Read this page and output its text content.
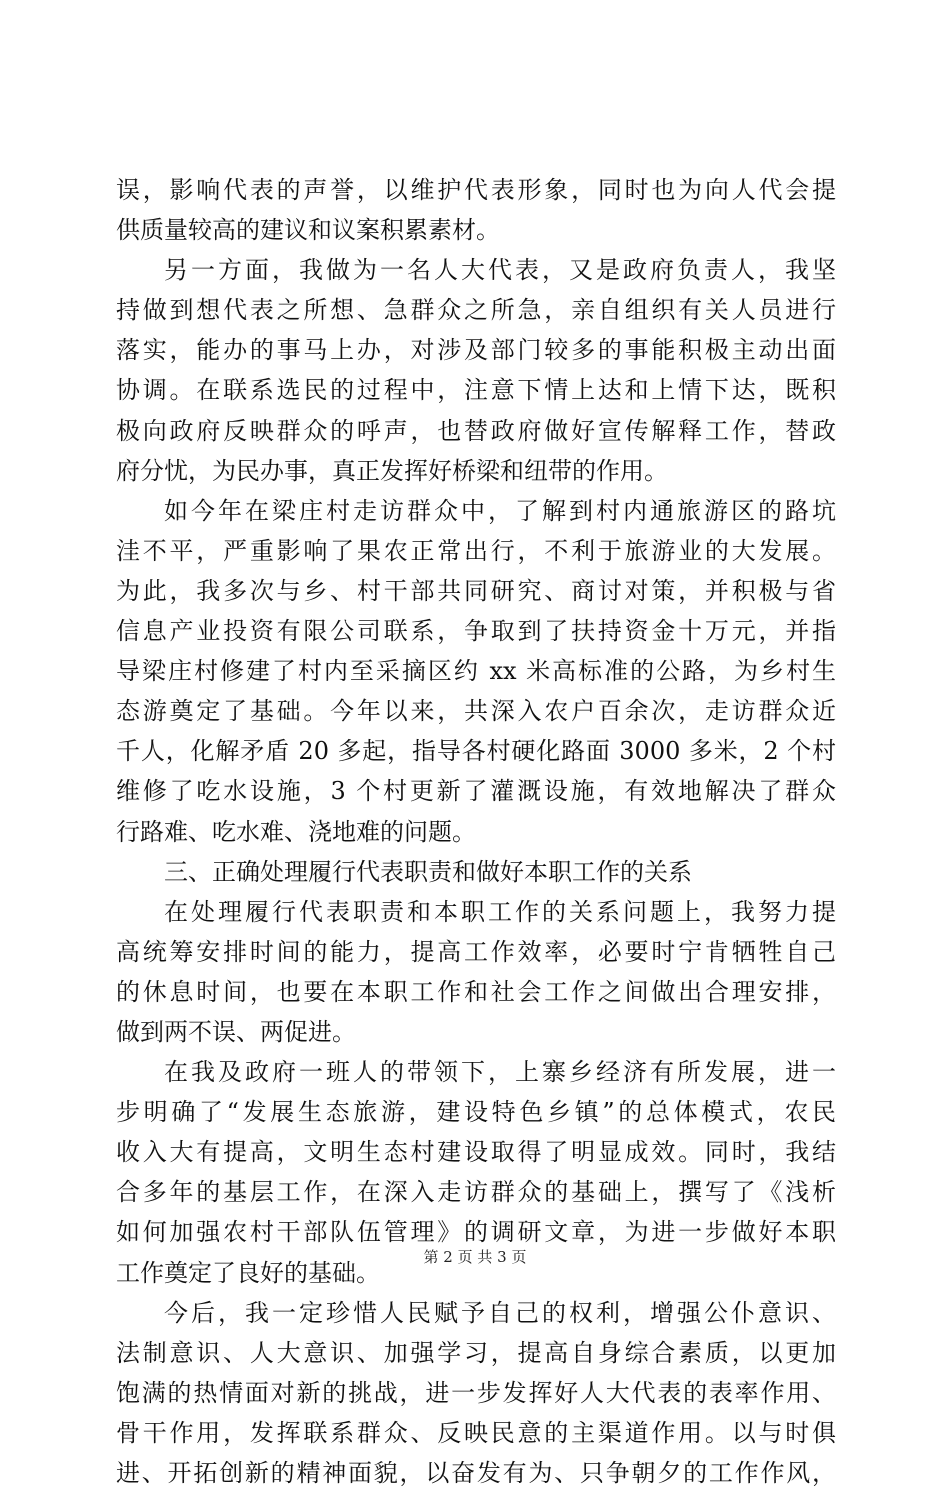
误，影响代表的声誉，以维护代表形象，同时也为向人代会提
供质量较高的建议和议案积累素材。
另一方面，我做为一名人大代表，又是政府负责人，我坚
持做到想代表之所想、急群众之所急，亲自组织有关人员进行
落实，能办的事马上办，对涉及部门较多的事能积极主动出面
协调。在联系选民的过程中，注意下情上达和上情下达，既积
极向政府反映群众的呼声，也替政府做好宣传解释工作，替政
府分忧，为民办事，真正发挥好桥梁和纽带的作用。
如今年在梁庄村走访群众中，了解到村内通旅游区的路坑
洼不平，严重影响了果农正常出行，不利于旅游业的大发展。
为此，我多次与乡、村干部共同研究、商讨对策，并积极与省
信息产业投资有限公司联系，争取到了扶持资金十万元，并指
导梁庄村修建了村内至采摘区约 xx 米高标准的公路，为乡村生
态游奠定了基础。今年以来，共深入农户百余次，走访群众近
千人，化解矛盾 20 多起，指导各村硬化路面 3000 多米，2 个村
维修了吃水设施，3 个村更新了灌溉设施，有效地解决了群众
行路难、吃水难、浇地难的问题。
三、正确处理履行代表职责和做好本职工作的关系
在处理履行代表职责和本职工作的关系问题上，我努力提
高统筹安排时间的能力，提高工作效率，必要时宁肯牺牲自己
的休息时间，也要在本职工作和社会工作之间做出合理安排，
做到两不误、两促进。
在我及政府一班人的带领下，上寨乡经济有所发展，进一
步明确了“发展生态旅游，建设特色乡镇”的总体模式，农民
收入大有提高，文明生态村建设取得了明显成效。同时，我结
合多年的基层工作，在深入走访群众的基础上，撰写了《浅析
如何加强农村干部队伍管理》的调研文章，为进一步做好本职
工作奠定了良好的基础。
今后，我一定珍惜人民赋予自己的权利，增强公仆意识、
法制意识、人大意识、加强学习，提高自身综合素质，以更加
饱满的热情面对新的挑战，进一步发挥好人大代表的表率作用、
骨干作用，发挥联系群众、反映民意的主渠道作用。以与时俱
进、开拓创新的精神面貌，以奋发有为、只争朝夕的工作作风，
第 2 页 共 3 页
